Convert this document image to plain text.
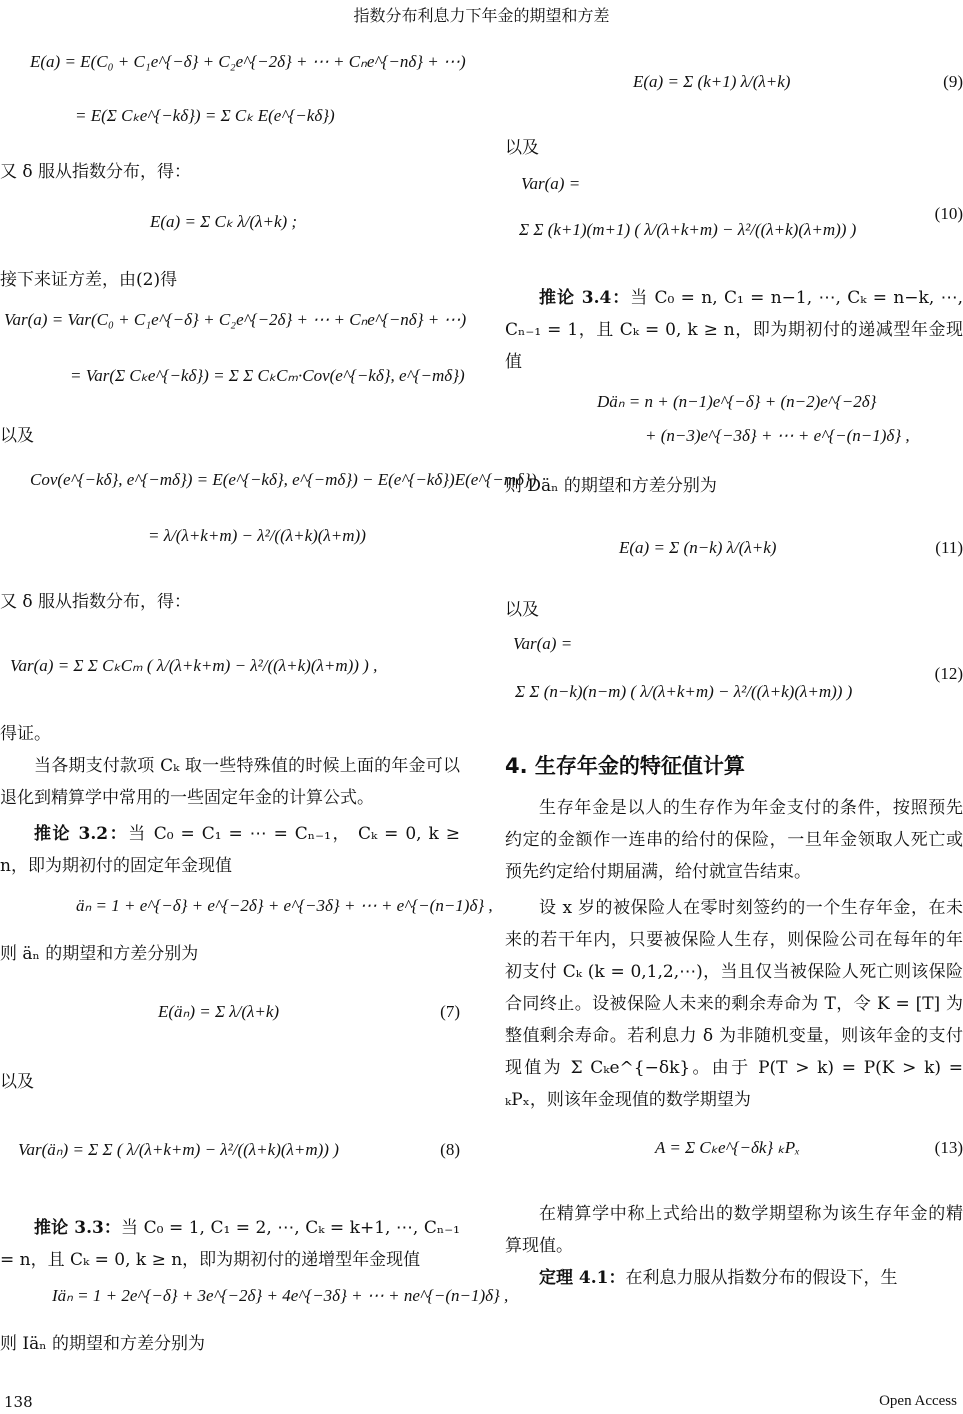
指数分布利息力下年金的期望和方差
E(a) = E(C₀ + C₁e^{−δ} + C₂e^{−2δ} + ⋯ + Cₙe^{−nδ} + ⋯)
= E(Σ Cₖe^{−kδ}) = Σ Cₖ E(e^{−kδ})

又 δ 服从指数分布，得：

E(a) = Σ Cₖ λ/(λ+k) ;

接下来证方差，由(2)得

Var(a) = Var(C₀ + C₁e^{−δ} + C₂e^{−2δ} + ⋯ + Cₙe^{−nδ} + ⋯)
= Var(Σ Cₖe^{−kδ}) = Σ Σ CₖCₘ·Cov(e^{−kδ}, e^{−mδ})

以及

Cov(e^{−kδ}, e^{−mδ}) = E(e^{−kδ}, e^{−mδ}) − E(e^{−kδ})E(e^{−mδ})
= λ/(λ+k+m) − λ²/((λ+k)(λ+m))

又 δ 服从指数分布，得：

Var(a) = Σ Σ CₖCₘ ( λ/(λ+k+m) − λ²/((λ+k)(λ+m)) ) ,

得证。

当各期支付款项 Cₖ 取一些特殊值的时候上面的年金可以退化到精算学中常用的一些固定年金的计算公式。

推论 3.2：当 C₀ = C₁ = ⋯ = Cₙ₋₁， Cₖ = 0, k ≥ n，即为期初付的固定年金现值

äₙ = 1 + e^{−δ} + e^{−2δ} + e^{−3δ} + ⋯ + e^{−(n−1)δ} ,

则 äₙ 的期望和方差分别为

E(äₙ) = Σ λ/(λ+k)	(7)

以及

Var(äₙ) = Σ Σ ( λ/(λ+k+m) − λ²/((λ+k)(λ+m)) )	(8)

推论 3.3：当 C₀ = 1, C₁ = 2, ⋯, Cₖ = k+1, ⋯, Cₙ₋₁ = n，且 Cₖ = 0, k ≥ n，即为期初付的递增型年金现值

Iäₙ = 1 + 2e^{−δ} + 3e^{−2δ} + 4e^{−3δ} + ⋯ + ne^{−(n−1)δ} ,

则 Iäₙ 的期望和方差分别为

E(a) = Σ (k+1) λ/(λ+k)	(9)

以及

Var(a) =
Σ Σ (k+1)(m+1) ( λ/(λ+k+m) − λ²/((λ+k)(λ+m)) )
(10)

推论 3.4：当 C₀ = n, C₁ = n−1, ⋯, Cₖ = n−k, ⋯, Cₙ₋₁ = 1，且 Cₖ = 0, k ≥ n，即为期初付的递减型年金现值

Däₙ = n + (n−1)e^{−δ} + (n−2)e^{−2δ}
+ (n−3)e^{−3δ} + ⋯ + e^{−(n−1)δ} ,

则 Däₙ 的期望和方差分别为

E(a) = Σ (n−k) λ/(λ+k)	(11)

以及

Var(a) =
Σ Σ (n−k)(n−m) ( λ/(λ+k+m) − λ²/((λ+k)(λ+m)) )
(12)
4. 生存年金的特征值计算

生存年金是以人的生存作为年金支付的条件，按照预先约定的金额作一连串的给付的保险，一旦年金领取人死亡或预先约定给付期届满，给付就宣告结束。

设 x 岁的被保险人在零时刻签约的一个生存年金，在未来的若干年内，只要被保险人生存，则保险公司在每年的年初支付 Cₖ (k = 0,1,2,⋯)，当且仅当被保险人死亡则该保险合同终止。设被保险人未来的剩余寿命为 T，令 K = [T] 为整值剩余寿命。若利息力 δ 为非随机变量，则该年金的支付现值为 Σ Cₖe^{−δk}。由于 P(T > k) = P(K > k) = ₖPₓ，则该年金现值的数学期望为

A = Σ Cₖe^{−δk} ₖPₓ	(13)

在精算学中称上式给出的数学期望称为该生存年金的精算现值。

定理 4.1：在利息力服从指数分布的假设下，生

138	Open Access
